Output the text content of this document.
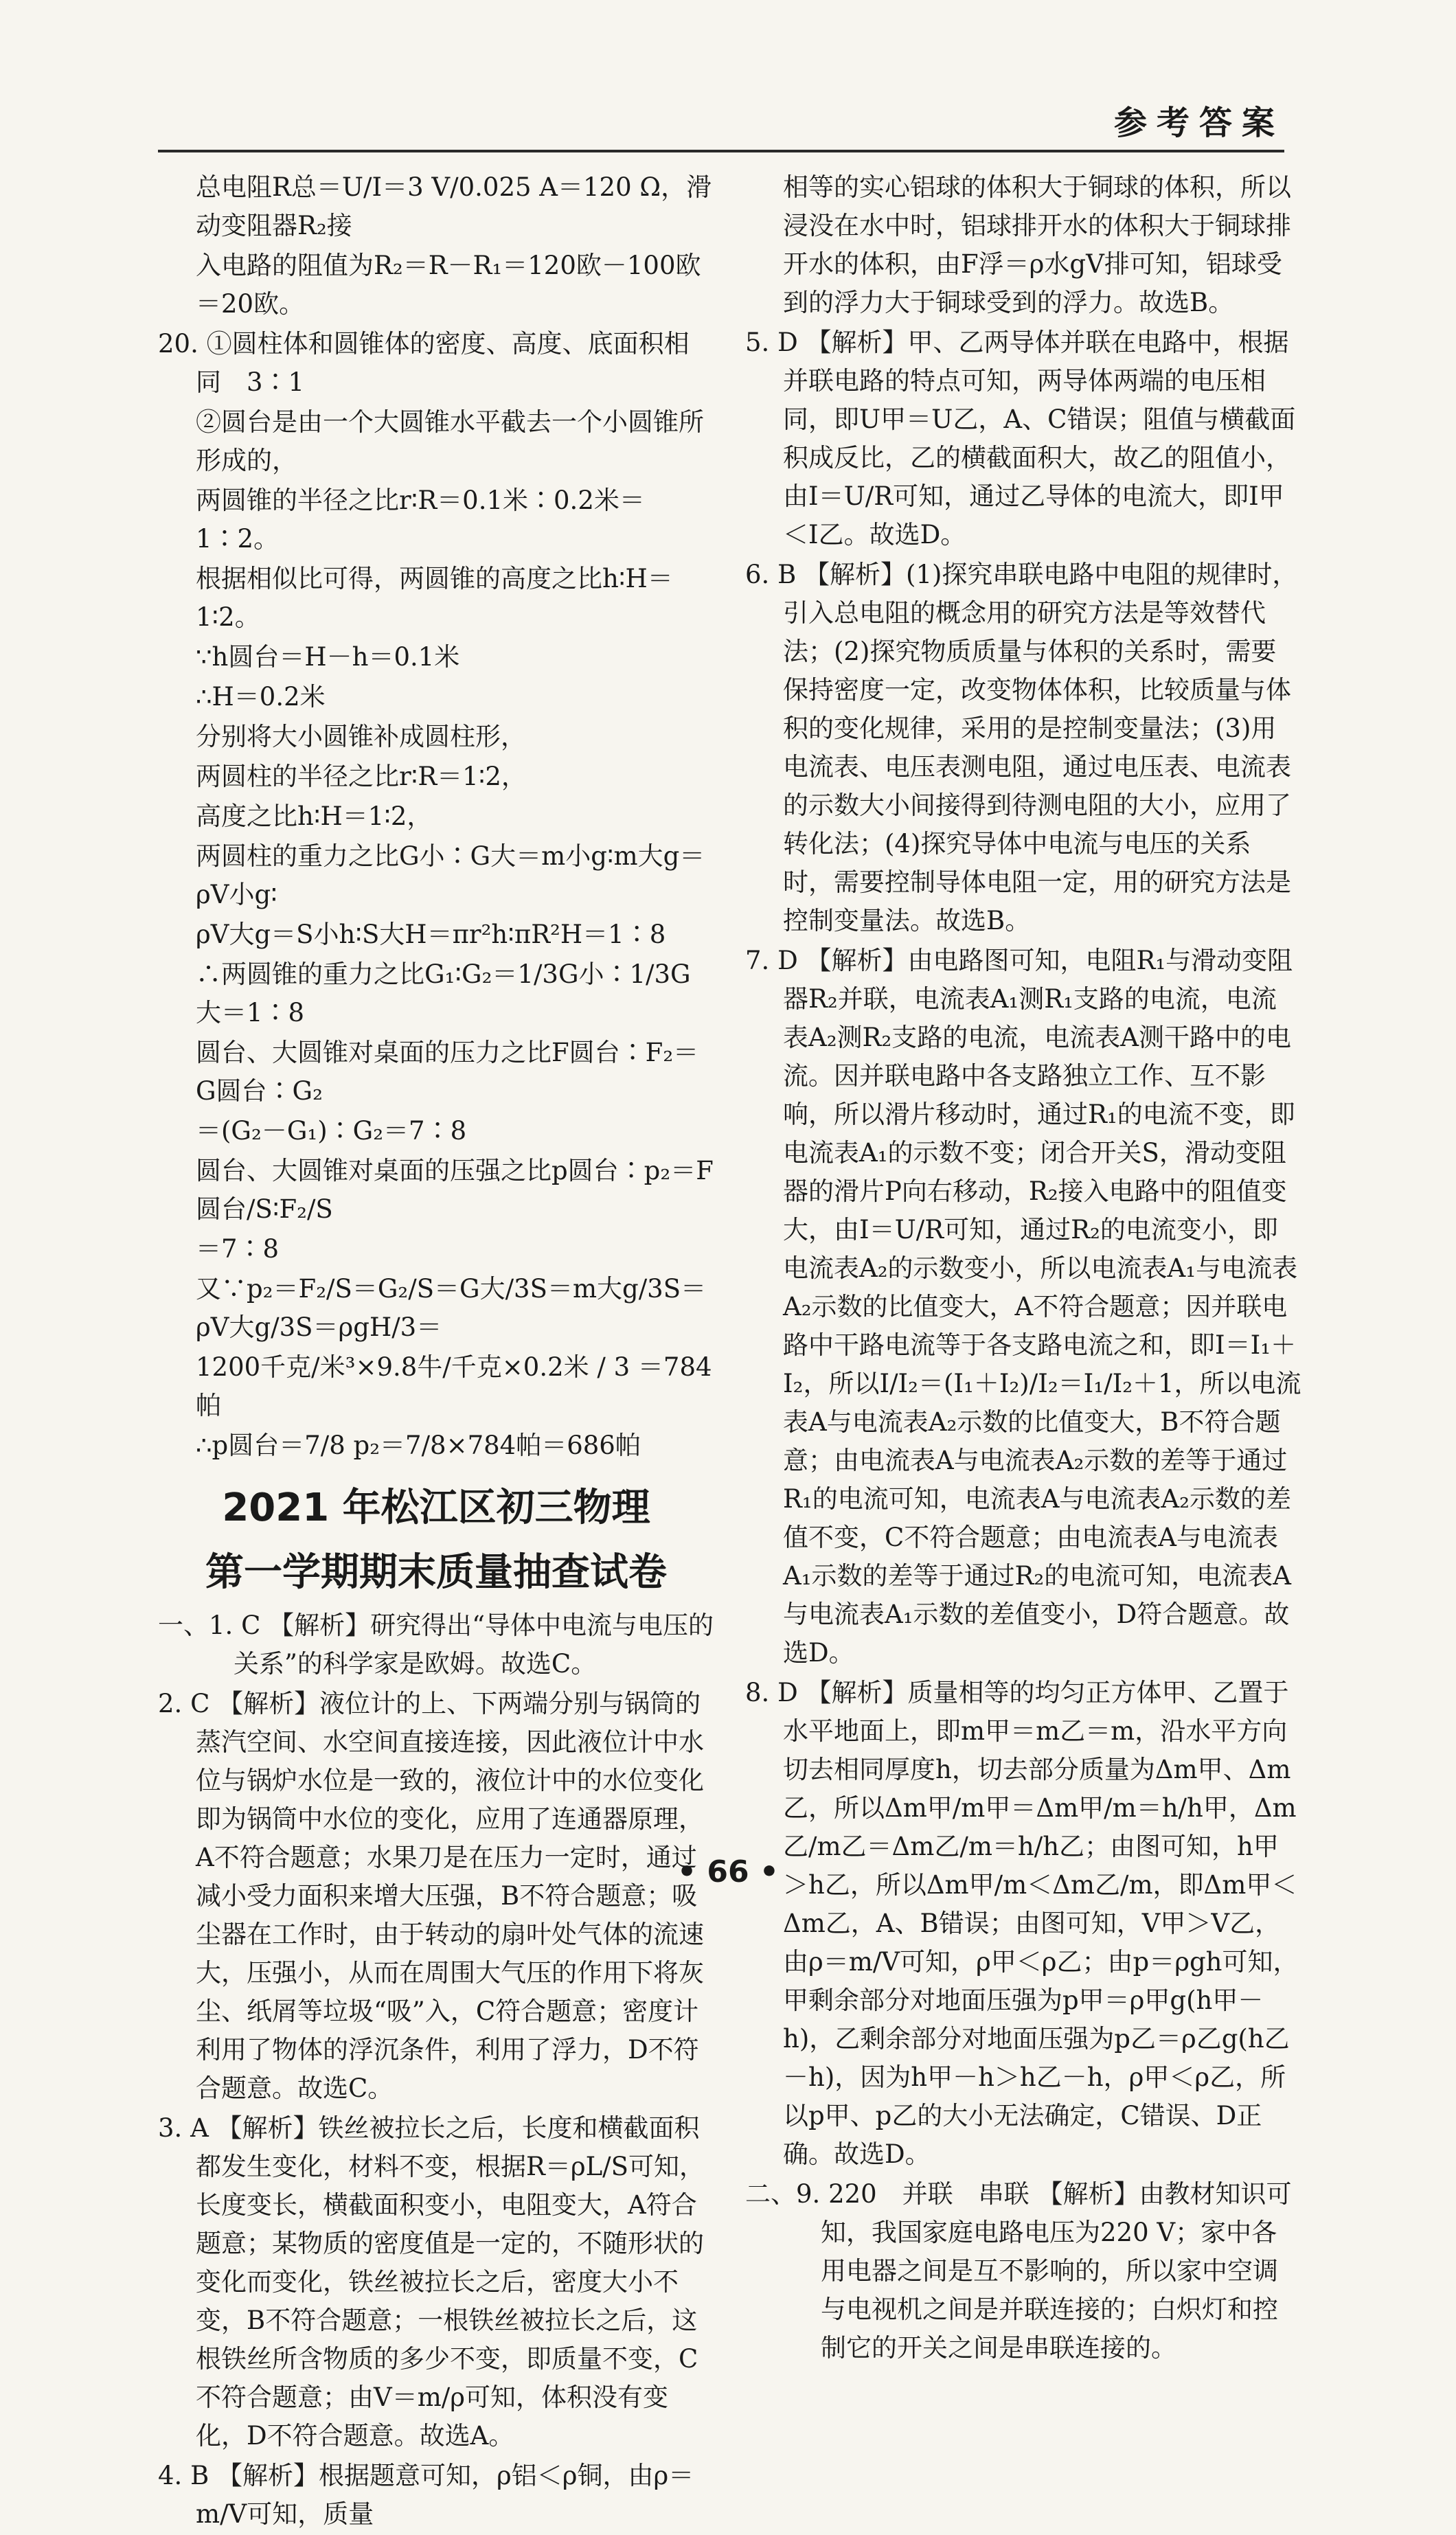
参考答案
总电阻R总＝U/I＝3 V/0.025 A＝120 Ω，滑动变阻器R₂接
入电路的阻值为R₂＝R－R₁＝120欧－100欧＝20欧。
20. ①圆柱体和圆锥体的密度、高度、底面积相同　3∶1
②圆台是由一个大圆锥水平截去一个小圆锥所形成的，
两圆锥的半径之比r∶R＝0.1米∶0.2米＝1∶2。
根据相似比可得，两圆锥的高度之比h∶H＝1∶2。
∵h圆台＝H－h＝0.1米
∴H＝0.2米
分别将大小圆锥补成圆柱形，
两圆柱的半径之比r∶R＝1∶2，
高度之比h∶H＝1∶2，
两圆柱的重力之比G小∶G大＝m小g∶m大g＝ρV小g∶
ρV大g＝S小h∶S大H＝πr²h∶πR²H＝1∶8
∴两圆锥的重力之比G₁∶G₂＝1/3G小∶1/3G大＝1∶8
圆台、大圆锥对桌面的压力之比F圆台∶F₂＝G圆台∶G₂
＝(G₂－G₁)∶G₂＝7∶8
圆台、大圆锥对桌面的压强之比p圆台∶p₂＝F圆台/S∶F₂/S
＝7∶8
又∵p₂＝F₂/S＝G₂/S＝G大/3S＝m大g/3S＝ρV大g/3S＝ρgH/3＝
1200千克/米³×9.8牛/千克×0.2米 / 3 ＝784帕
∴p圆台＝7/8 p₂＝7/8×784帕＝686帕
2021 年松江区初三物理
第一学期期末质量抽查试卷
一、1. C 【解析】研究得出“导体中电流与电压的关系”的科学家是欧姆。故选C。
2. C 【解析】液位计的上、下两端分别与锅筒的蒸汽空间、水空间直接连接，因此液位计中水位与锅炉水位是一致的，液位计中的水位变化即为锅筒中水位的变化，应用了连通器原理，A不符合题意；水果刀是在压力一定时，通过减小受力面积来增大压强，B不符合题意；吸尘器在工作时，由于转动的扇叶处气体的流速大，压强小，从而在周围大气压的作用下将灰尘、纸屑等垃圾“吸”入，C符合题意；密度计利用了物体的浮沉条件，利用了浮力，D不符合题意。故选C。
3. A 【解析】铁丝被拉长之后，长度和横截面积都发生变化，材料不变，根据R＝ρL/S可知，长度变长，横截面积变小，电阻变大，A符合题意；某物质的密度值是一定的，不随形状的变化而变化，铁丝被拉长之后，密度大小不变，B不符合题意；一根铁丝被拉长之后，这根铁丝所含物质的多少不变，即质量不变，C不符合题意；由V＝m/ρ可知，体积没有变化，D不符合题意。故选A。
4. B 【解析】根据题意可知，ρ铝＜ρ铜，由ρ＝m/V可知，质量
相等的实心铝球的体积大于铜球的体积，所以浸没在水中时，铝球排开水的体积大于铜球排开水的体积，由F浮＝ρ水gV排可知，铝球受到的浮力大于铜球受到的浮力。故选B。
5. D 【解析】甲、乙两导体并联在电路中，根据并联电路的特点可知，两导体两端的电压相同，即U甲＝U乙，A、C错误；阻值与横截面积成反比，乙的横截面积大，故乙的阻值小，由I＝U/R可知，通过乙导体的电流大，即I甲＜I乙。故选D。
6. B 【解析】(1)探究串联电路中电阻的规律时，引入总电阻的概念用的研究方法是等效替代法；(2)探究物质质量与体积的关系时，需要保持密度一定，改变物体体积，比较质量与体积的变化规律，采用的是控制变量法；(3)用电流表、电压表测电阻，通过电压表、电流表的示数大小间接得到待测电阻的大小，应用了转化法；(4)探究导体中电流与电压的关系时，需要控制导体电阻一定，用的研究方法是控制变量法。故选B。
7. D 【解析】由电路图可知，电阻R₁与滑动变阻器R₂并联，电流表A₁测R₁支路的电流，电流表A₂测R₂支路的电流，电流表A测干路中的电流。因并联电路中各支路独立工作、互不影响，所以滑片移动时，通过R₁的电流不变，即电流表A₁的示数不变；闭合开关S，滑动变阻器的滑片P向右移动，R₂接入电路中的阻值变大，由I＝U/R可知，通过R₂的电流变小，即电流表A₂的示数变小，所以电流表A₁与电流表A₂示数的比值变大，A不符合题意；因并联电路中干路电流等于各支路电流之和，即I＝I₁＋I₂，所以I/I₂＝(I₁＋I₂)/I₂＝I₁/I₂＋1，所以电流表A与电流表A₂示数的比值变大，B不符合题意；由电流表A与电流表A₂示数的差等于通过R₁的电流可知，电流表A与电流表A₂示数的差值不变，C不符合题意；由电流表A与电流表A₁示数的差等于通过R₂的电流可知，电流表A与电流表A₁示数的差值变小，D符合题意。故选D。
8. D 【解析】质量相等的均匀正方体甲、乙置于水平地面上，即m甲＝m乙＝m，沿水平方向切去相同厚度h，切去部分质量为Δm甲、Δm乙，所以Δm甲/m甲＝Δm甲/m＝h/h甲，Δm乙/m乙＝Δm乙/m＝h/h乙；由图可知，h甲＞h乙，所以Δm甲/m＜Δm乙/m，即Δm甲＜Δm乙，A、B错误；由图可知，V甲＞V乙，由ρ＝m/V可知，ρ甲＜ρ乙；由p＝ρgh可知，甲剩余部分对地面压强为p甲＝ρ甲g(h甲－h)，乙剩余部分对地面压强为p乙＝ρ乙g(h乙－h)，因为h甲－h＞h乙－h，ρ甲＜ρ乙，所以p甲、p乙的大小无法确定，C错误、D正确。故选D。
二、9. 220　并联　串联 【解析】由教材知识可知，我国家庭电路电压为220 V；家中各用电器之间是互不影响的，所以家中空调与电视机之间是并联连接的；白炽灯和控制它的开关之间是串联连接的。
• 66 •
